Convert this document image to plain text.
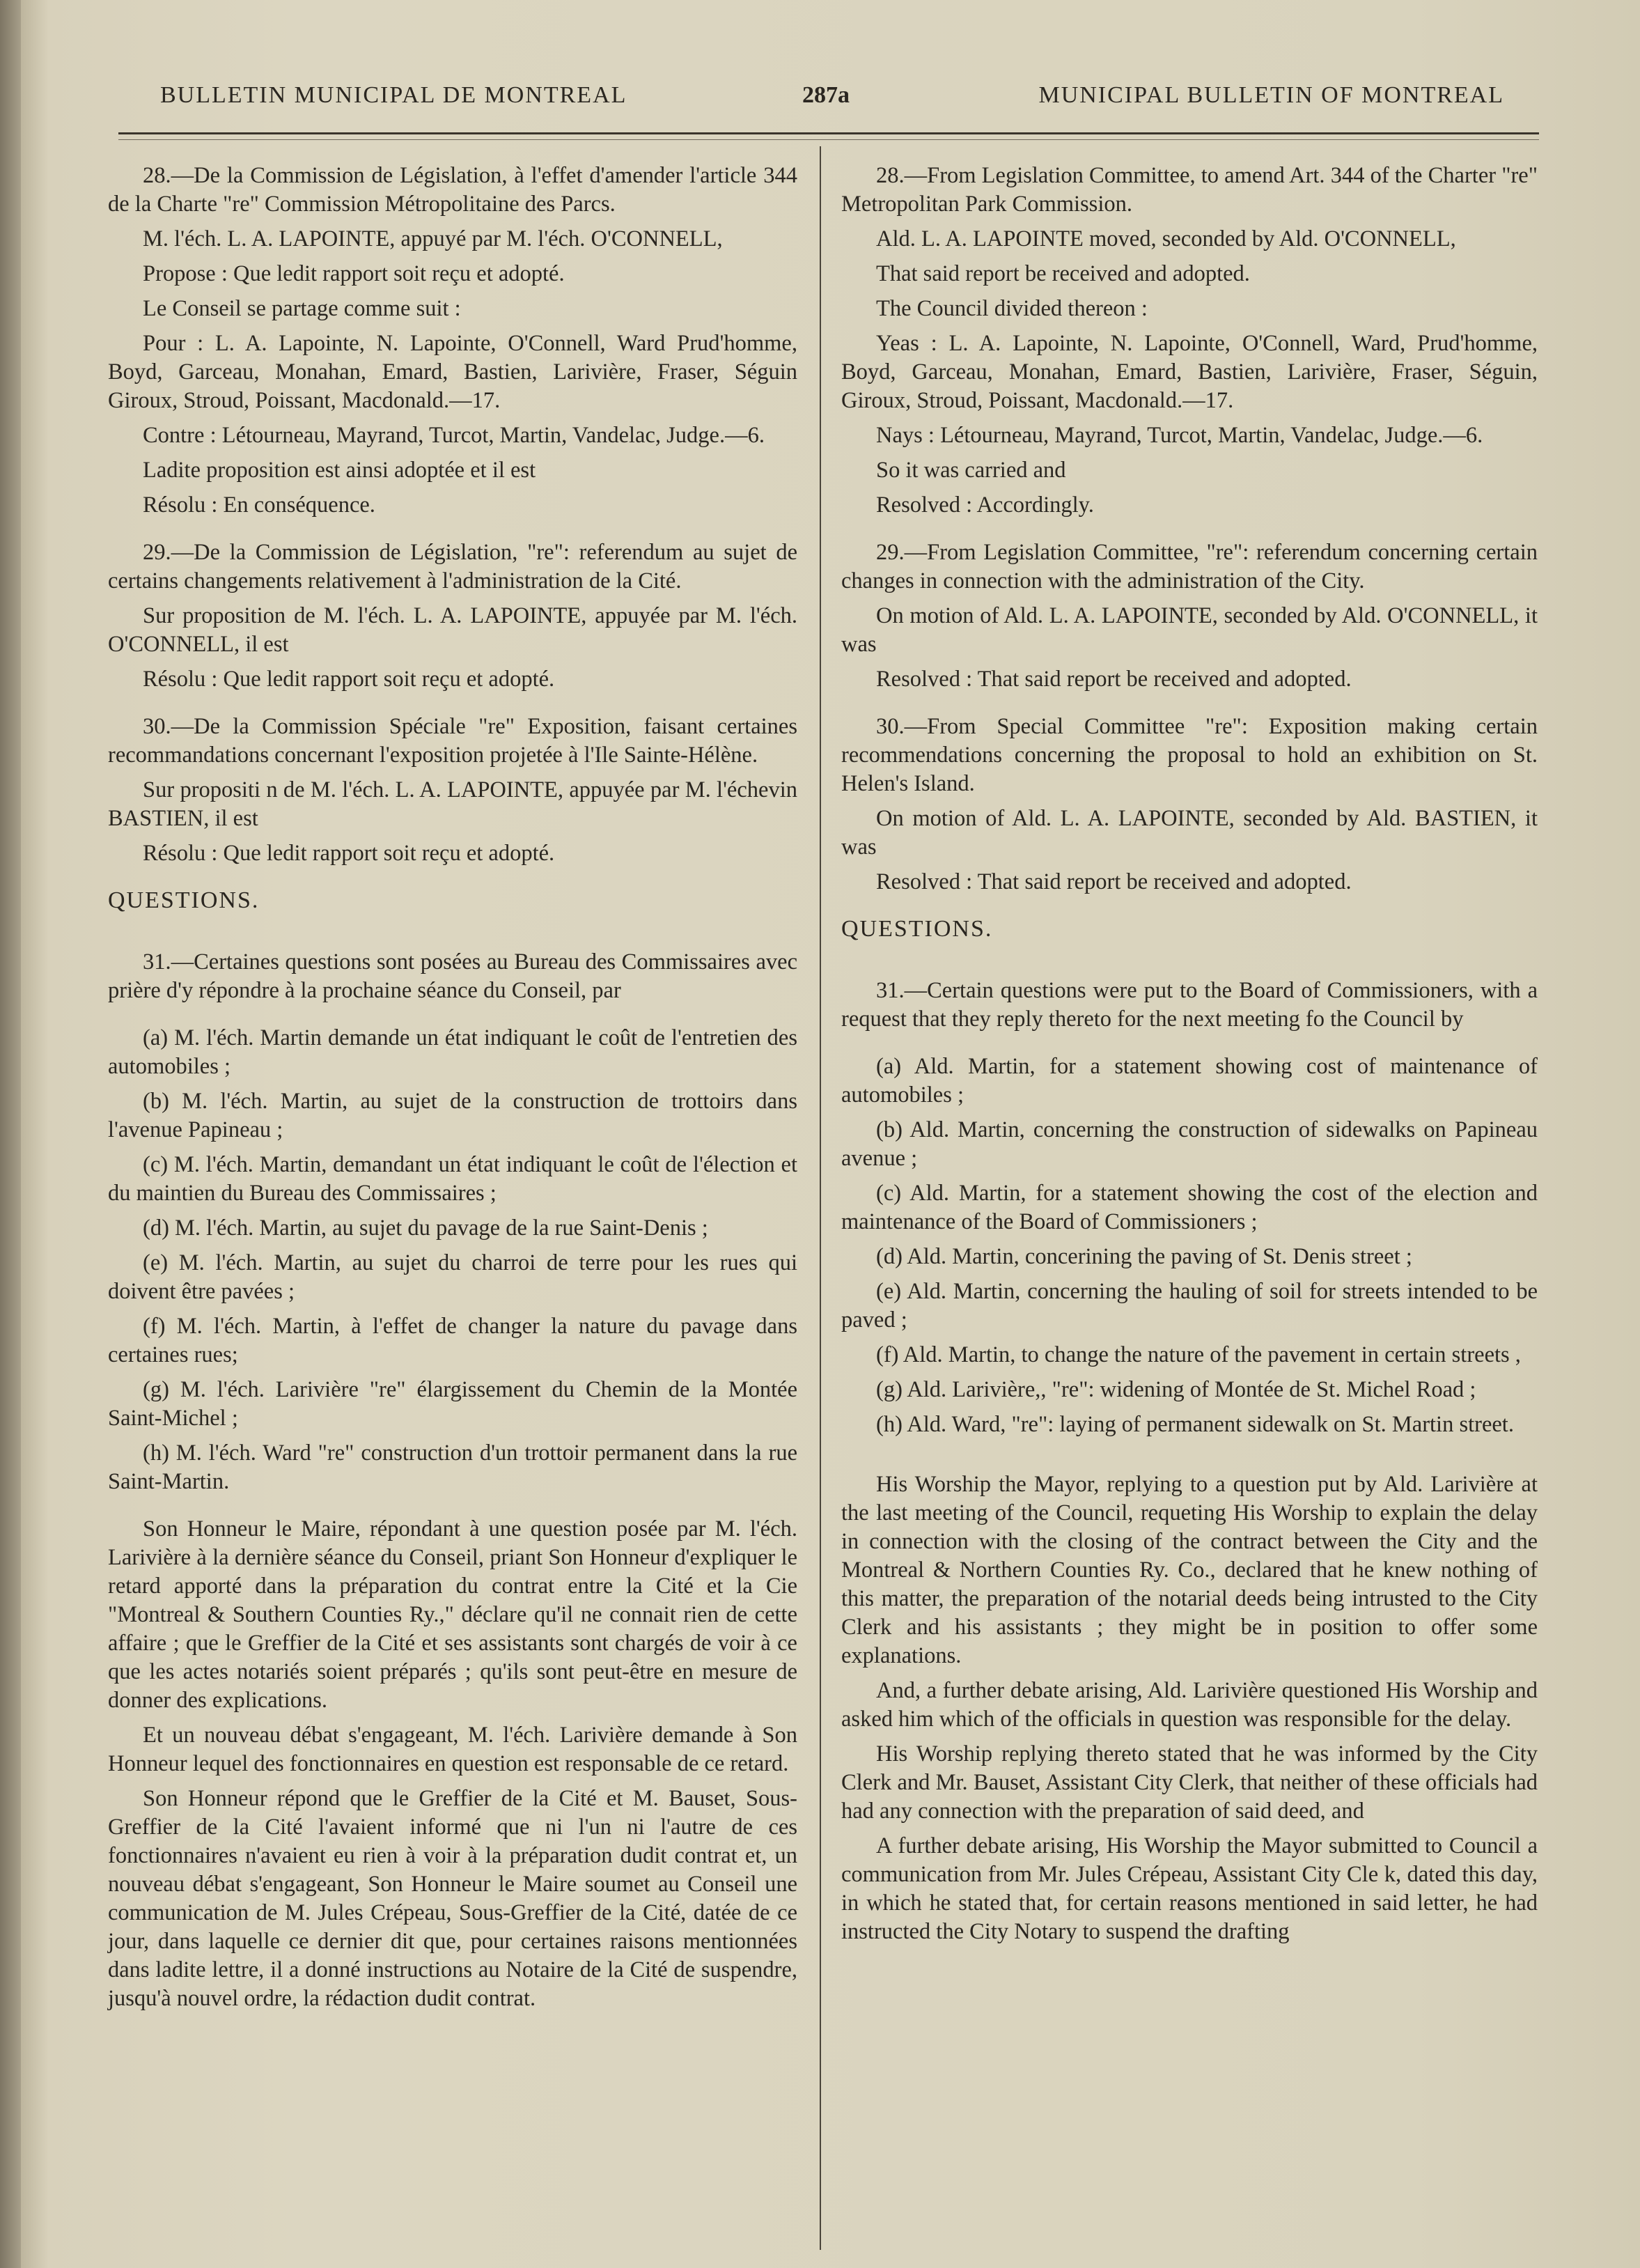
BULLETIN MUNICIPAL DE MONTREAL	287a	MUNICIPAL BULLETIN OF MONTREAL

28.—De la Commission de Législation, à l'effet d'amender l'article 344 de la Charte "re" Commission Métropolitaine des Parcs.

M. l'éch. L. A. LAPOINTE, appuyé par M. l'éch. O'CONNELL,

Propose : Que ledit rapport soit reçu et adopté.

Le Conseil se partage comme suit :

Pour : L. A. Lapointe, N. Lapointe, O'Connell, Ward Prud'homme, Boyd, Garceau, Monahan, Emard, Bastien, Larivière, Fraser, Séguin Giroux, Stroud, Poissant, Macdonald.—17.

Contre : Létourneau, Mayrand, Turcot, Martin, Vandelac, Judge.—6.

Ladite proposition est ainsi adoptée et il est

Résolu : En conséquence.

29.—De la Commission de Législation, "re": referendum au sujet de certains changements relativement à l'administration de la Cité.

Sur proposition de M. l'éch. L. A. LAPOINTE, appuyée par M. l'éch. O'CONNELL, il est

Résolu : Que ledit rapport soit reçu et adopté.

30.—De la Commission Spéciale "re" Exposition, faisant certaines recommandations concernant l'exposition projetée à l'Ile Sainte-Hélène.

Sur propositi n de M. l'éch. L. A. LAPOINTE, appuyée par M. l'échevin BASTIEN, il est

Résolu : Que ledit rapport soit reçu et adopté.

QUESTIONS.

31.—Certaines questions sont posées au Bureau des Commissaires avec prière d'y répondre à la prochaine séance du Conseil, par

(a) M. l'éch. Martin demande un état indiquant le coût de l'entretien des automobiles ;

(b) M. l'éch. Martin, au sujet de la construction de trottoirs dans l'avenue Papineau ;

(c) M. l'éch. Martin, demandant un état indiquant le coût de l'élection et du maintien du Bureau des Commissaires ;

(d) M. l'éch. Martin, au sujet du pavage de la rue Saint-Denis ;

(e) M. l'éch. Martin, au sujet du charroi de terre pour les rues qui doivent être pavées ;

(f) M. l'éch. Martin, à l'effet de changer la nature du pavage dans certaines rues;

(g) M. l'éch. Larivière "re" élargissement du Chemin de la Montée Saint-Michel ;

(h) M. l'éch. Ward "re" construction d'un trottoir permanent dans la rue Saint-Martin.

Son Honneur le Maire, répondant à une question posée par M. l'éch. Larivière à la dernière séance du Conseil, priant Son Honneur d'expliquer le retard apporté dans la préparation du contrat entre la Cité et la Cie "Montreal & Southern Counties Ry.," déclare qu'il ne connait rien de cette affaire ; que le Greffier de la Cité et ses assistants sont chargés de voir à ce que les actes notariés soient préparés ; qu'ils sont peut-être en mesure de donner des explications.

Et un nouveau débat s'engageant, M. l'éch. Larivière demande à Son Honneur lequel des fonctionnaires en question est responsable de ce retard.

Son Honneur répond que le Greffier de la Cité et M. Bauset, Sous-Greffier de la Cité l'avaient informé que ni l'un ni l'autre de ces fonctionnaires n'avaient eu rien à voir à la préparation dudit contrat et, un nouveau débat s'engageant, Son Honneur le Maire soumet au Conseil une communication de M. Jules Crépeau, Sous-Greffier de la Cité, datée de ce jour, dans laquelle ce dernier dit que, pour certaines raisons mentionnées dans ladite lettre, il a donné instructions au Notaire de la Cité de suspendre, jusqu'à nouvel ordre, la rédaction dudit contrat.

28.—From Legislation Committee, to amend Art. 344 of the Charter "re" Metropolitan Park Commission.

Ald. L. A. LAPOINTE moved, seconded by Ald. O'CONNELL,

That said report be received and adopted.

The Council divided thereon :

Yeas : L. A. Lapointe, N. Lapointe, O'Connell, Ward, Prud'homme, Boyd, Garceau, Monahan, Emard, Bastien, Larivière, Fraser, Séguin, Giroux, Stroud, Poissant, Macdonald.—17.

Nays : Létourneau, Mayrand, Turcot, Martin, Vandelac, Judge.—6.

So it was carried and

Resolved : Accordingly.

29.—From Legislation Committee, "re": referendum concerning certain changes in connection with the administration of the City.

On motion of Ald. L. A. LAPOINTE, seconded by Ald. O'CONNELL, it was

Resolved : That said report be received and adopted.

30.—From Special Committee "re": Exposition making certain recommendations concerning the proposal to hold an exhibition on St. Helen's Island.

On motion of Ald. L. A. LAPOINTE, seconded by Ald. BASTIEN, it was

Resolved : That said report be received and adopted.

QUESTIONS.

31.—Certain questions were put to the Board of Commissioners, with a request that they reply thereto for the next meeting fo the Council by

(a) Ald. Martin, for a statement showing cost of maintenance of automobiles ;

(b) Ald. Martin, concerning the construction of sidewalks on Papineau avenue ;

(c) Ald. Martin, for a statement showing the cost of the election and maintenance of the Board of Commissioners ;

(d) Ald. Martin, concerining the paving of St. Denis street ;

(e) Ald. Martin, concerning the hauling of soil for streets intended to be paved ;

(f) Ald. Martin, to change the nature of the pavement in certain streets ,

(g) Ald. Larivière,, "re": widening of Montée de St. Michel Road ;

(h) Ald. Ward, "re": laying of permanent sidewalk on St. Martin street.

His Worship the Mayor, replying to a question put by Ald. Larivière at the last meeting of the Council, requeting His Worship to explain the delay in connection with the closing of the contract between the City and the Montreal & Northern Counties Ry. Co., declared that he knew nothing of this matter, the preparation of the notarial deeds being intrusted to the City Clerk and his assistants ; they might be in position to offer some explanations.

And, a further debate arising, Ald. Larivière questioned His Worship and asked him which of the officials in question was responsible for the delay.

His Worship replying thereto stated that he was informed by the City Clerk and Mr. Bauset, Assistant City Clerk, that neither of these officials had had any connection with the preparation of said deed, and

A further debate arising, His Worship the Mayor submitted to Council a communication from Mr. Jules Crépeau, Assistant City Cle k, dated this day, in which he stated that, for certain reasons mentioned in said letter, he had instructed the City Notary to suspend the drafting
